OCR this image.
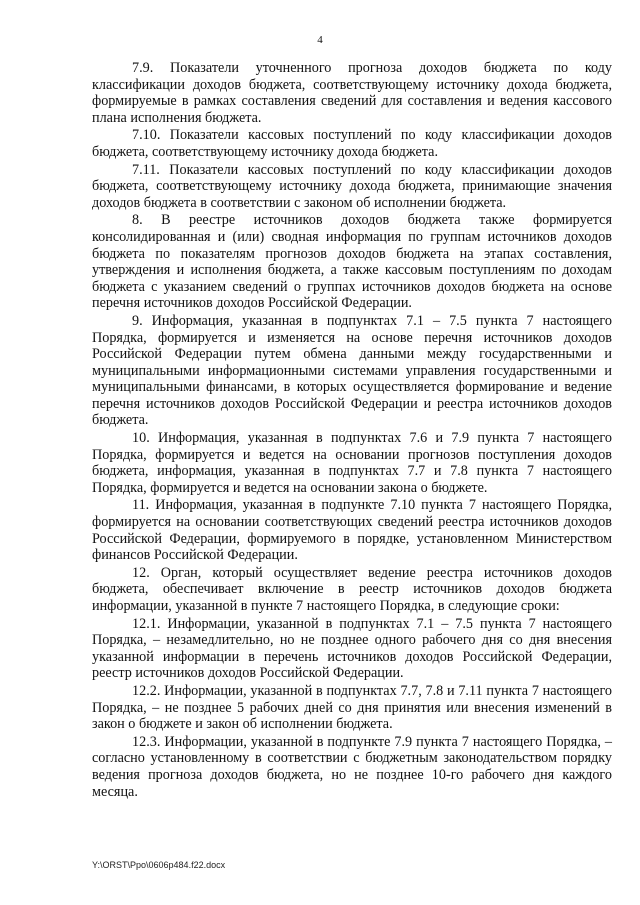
4

7.9. Показатели уточненного прогноза доходов бюджета по коду классификации доходов бюджета, соответствующему источнику дохода бюджета, формируемые в рамках составления сведений для составления и ведения кассового плана исполнения бюджета.

7.10. Показатели кассовых поступлений по коду классификации доходов бюджета, соответствующему источнику дохода бюджета.

7.11. Показатели кассовых поступлений по коду классификации доходов бюджета, соответствующему источнику дохода бюджета, принимающие значения доходов бюджета в соответствии с законом об исполнении бюджета.

8. В реестре источников доходов бюджета также формируется консолидированная и (или) сводная информация по группам источников доходов бюджета по показателям прогнозов доходов бюджета на этапах составления, утверждения и исполнения бюджета, а также кассовым поступлениям по доходам бюджета с указанием сведений о группах источников доходов бюджета на основе перечня источников доходов Российской Федерации.

9. Информация, указанная в подпунктах 7.1 – 7.5 пункта 7 настоящего Порядка, формируется и изменяется на основе перечня источников доходов Российской Федерации путем обмена данными между государственными и муниципальными информационными системами управления государственными и муниципальными финансами, в которых осуществляется формирование и ведение перечня источников доходов Российской Федерации и реестра источников доходов бюджета.

10. Информация, указанная в подпунктах 7.6 и 7.9 пункта 7 настоящего Порядка, формируется и ведется на основании прогнозов поступления доходов бюджета, информация, указанная в подпунктах 7.7 и 7.8 пункта 7 настоящего Порядка, формируется и ведется на основании закона о бюджете.

11. Информация, указанная в подпункте 7.10 пункта 7 настоящего Порядка, формируется на основании соответствующих сведений реестра источников доходов Российской Федерации, формируемого в порядке, установленном Министерством финансов Российской Федерации.

12. Орган, который осуществляет ведение реестра источников доходов бюджета, обеспечивает включение в реестр источников доходов бюджета информации, указанной в пункте 7 настоящего Порядка, в следующие сроки:

12.1. Информации, указанной в подпунктах 7.1 – 7.5 пункта 7 настоящего Порядка, – незамедлительно, но не позднее одного рабочего дня со дня внесения указанной информации в перечень источников доходов Российской Федерации, реестр источников доходов Российской Федерации.

12.2. Информации, указанной в подпунктах 7.7, 7.8 и 7.11 пункта 7 настоящего Порядка, – не позднее 5 рабочих дней со дня принятия или внесения изменений в закон о бюджете и закон об исполнении бюджета.

12.3. Информации, указанной в подпункте 7.9 пункта 7 настоящего Порядка, – согласно установленному в соответствии с бюджетным законодательством порядку ведения прогноза доходов бюджета, но не позднее 10-го рабочего дня каждого месяца.

Y:\ORST\Ppo\0606p484.f22.docx
